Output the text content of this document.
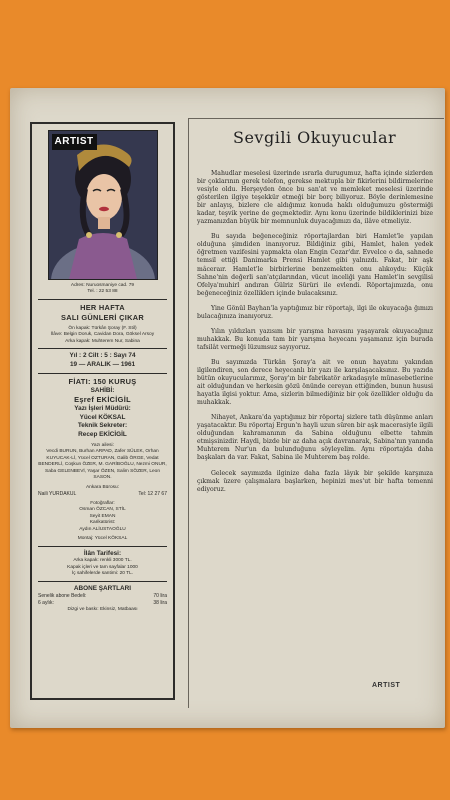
ARTIST
Adres: Nuruosmaniye cad. 79
Tel. : 22 53 88
HER HAFTA
SALI GÜNLERİ ÇIKAR
Ön kapak: Türkân Şoray (F. Stil)
İlâve: Belgin Doruk, Cavidan Dora, Göksel Arsoy
Arka kapak: Muhterem Nur, Sabina
Yıl : 2 Cilt : 5 : Sayı 74
19 — ARALIK — 1961
FİATI: 150 KURUŞ
SAHİBİ:
Eşref EKİCİGİL
Yazı İşleri Müdürü:
Yücel KÖKSAL
Teknik Sekreter:
Recep EKİCİGİL
Yazı ailesi:
Vecdi BURUN, Burhan ARPAD, Zafer SÜLEK, Orhan KUYUCAK-Lİ, Yücel OZTURAN, Galib ÖRGE, Vedat BENDERLİ, Coşkun ÖZER, M. GARİBOĞLU, Nezmi ONUR, Saba GELENBEVİ, Yaşar ÖZEN, Salim SÖZER, Leon SASON.
Ankara Bürosu:
Naili YURDAKUL	Tel: 12 27 67
Fotoğraflar:
Osman ÖZCAN, STİL
Seyit EMAN
Karikatürist:
Aydın ALİUSTAOĞLU
Montaj: Yücel KÖKSAL
İlân Tarifesi:
Arka kapak: renkli 3000 TL.
Kapak içleri ve tam sayfalar 1000
İç sahifelerde santimi: 20 TL.
ABONE ŞARTLARI
Senelik abone Bedeli:	70 lira
6 aylık:	38 lira
Dizgi ve baskı: Ekinsiz, Matbaası
Sevgili Okuyucular

Mahudlar meselesi üzerinde ısrarla durugumuz, hafta içinde sizlerden bir çoklarının gerek telefon, gerekse mektupla bir fikirlerini bildirmelerine vesiyle oldu. Herşeyden önce bu san'at ve memleket meselesi üzerinde gösterilen ilgiye teşekkür etmeği bir borç biliyoruz. Böyle derinlemesine bir anlayış, bizlere cle aldığımız konuda haklı olduğumuzu göstermiği kadar, teşvik yerine de geçmektedir. Aynı konu üzerinde bildiklerinizi bize yazmanızdan büyük bir memnunluk duyacağımızı da, ilâve etmeliyiz.

Bu sayıda beğeneceğiniz röportajlardan biri Hamlet'le yapılan olduğuna şimdiden inanıyoruz. Bildiğiniz gibi, Hamlet, halen yedek öğretmen vazifesini yapmakta olan Engin Cezar'dır. Evvelce o da, sahnede temsil ettiği Danimarka Prensi Hamlet gibi yalnızdı. Fakat, bir aşk mâceraır. Hamlet'le birbirlerine benzemekten onu alıkoydu: Küçük Sahne'nin değerli san'atçılarından, vücut inceliği yanı Hamlet'in sevgilisi Ofelya'muhirl andıran Gülriz Sürüri ile evlendi. Röportajımızda, onu beğeneceğiniz özelliklerı içinde bulacaksınız.

Yine Gönül Bayhan'la yaptığımız bir röportajı, ilgi ile okuyacağa ğımızı bulacağınıza inanıyoruz.

Yılın yıldızları yazısım bir yarışma havasını yaşayarak okuyacağınız muhakkak. Bu konuda tam bir yarışma heyecanı yaşamanız için burada tafsilât vermeği lüzumsuz sayıyoruz.

Bu sayımızda Türkân Şoray'a ait ve onun hayatını yakından ilgilendiren, son derece heyecanlı bir yazı ile karşılaşacaksınız. Bu yazıda bütün okuyucularımız, Şoray'ın bir fabrikatör arkadaşıyle münasebetlerine ait olduğundan ve herkesin gözü önünde cereyan ettiğinden, bunun hususi hayatla ilgisi yoktur. Ama, sizlerin bilmediğiniz bir çok özellikler olduğu da muhakkak.

Nihayet, Ankara'da yaptığımız bir röportaj sizlere tatlı düşünme anları yaşatacaktır. Bu röportaj Ergun'n hayli uzun süren bir aşk macerasiyle ilgili olduğundan kahramanının da Sabina olduğunu elbette tahmin etmişsinizdir. Haydi, bizde bir az daha açık davranarak, Sabina'nın yanında Muhterem Nur'un da bulunduğunu söyleyelim. Aynı röportajda daha başkaları da var. Fakat, Sabina ile Muhterem baş rolde.

Gelecek sayımızda ilginize daha fazla lâyık bir şekilde karşınıza çıkmak üzere çalışmalara başlarken, hepinizi mes'ut bir hafta temenni ediyoruz.

ARTIST
